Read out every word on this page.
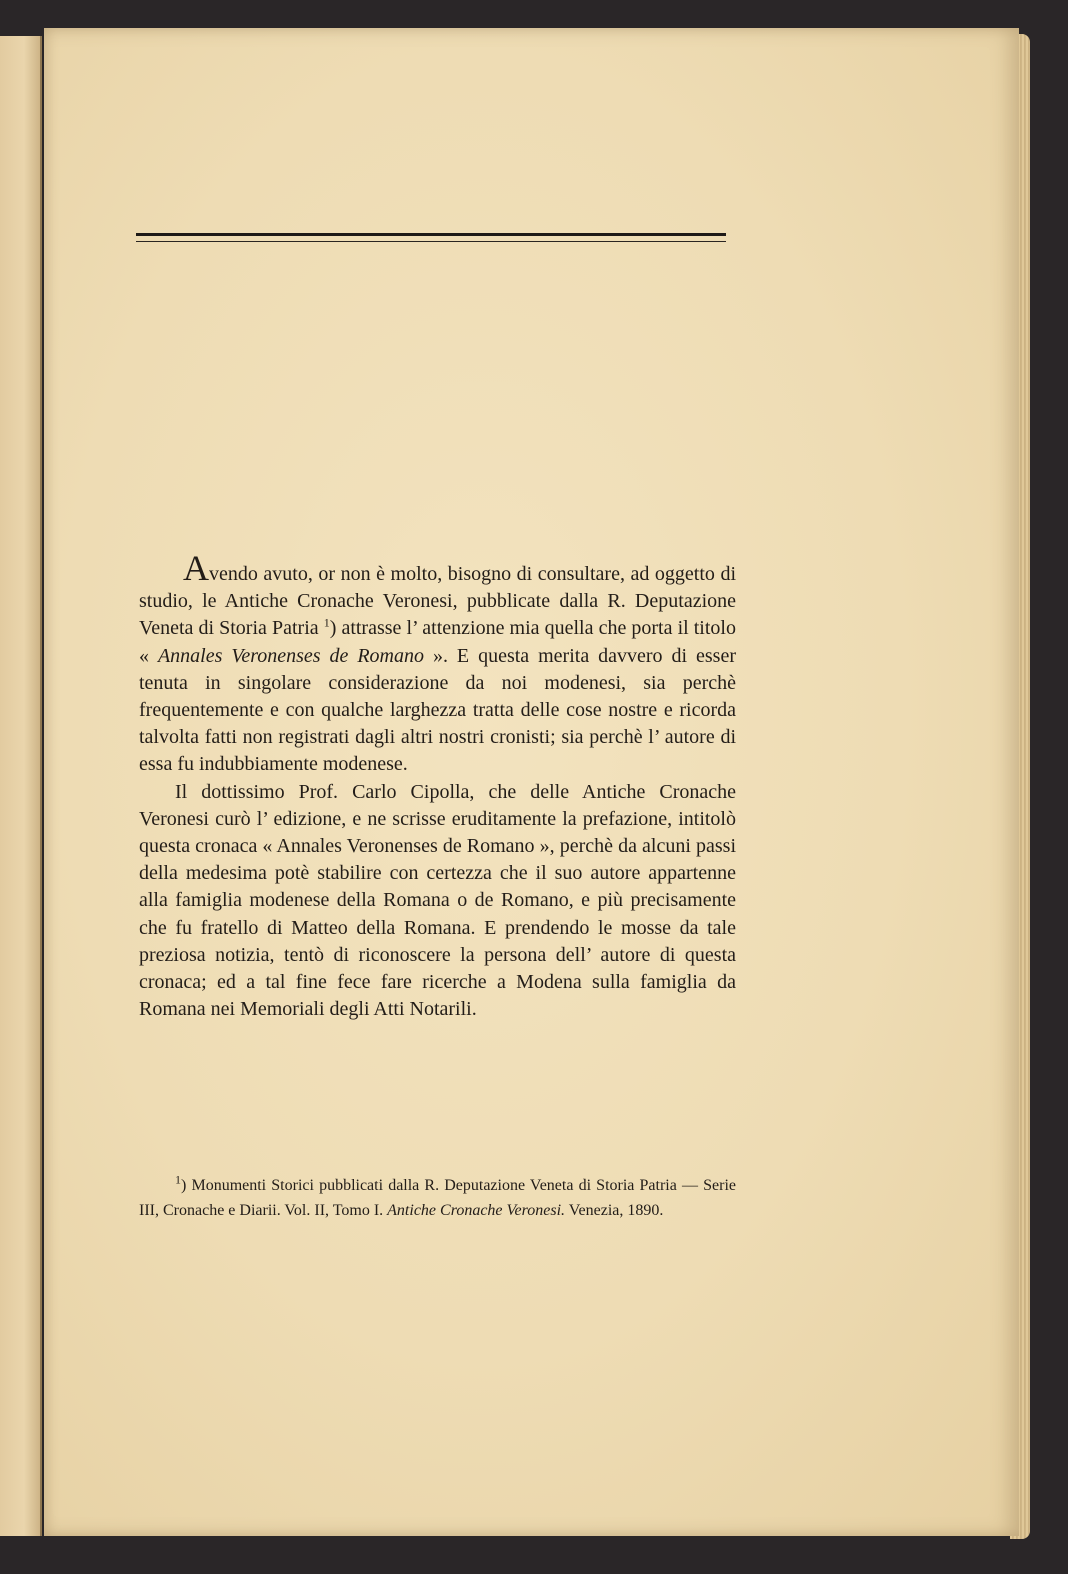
Avendo avuto, or non è molto, bisogno di consultare, ad oggetto di studio, le Antiche Cronache Veronesi, pubblicate dalla R. Deputazione Veneta di Storia Patria $^1$) attrasse l’ attenzione mia quella che porta il titolo « Annales Veronenses de Romano ». E questa merita davvero di esser tenuta in singolare considerazione da noi modenesi, sia perchè frequentemente e con qualche larghezza tratta delle cose nostre e ricorda talvolta fatti non registrati dagli altri nostri cronisti; sia perchè l’ autore di essa fu indubbiamente modenese.

Il dottissimo Prof. Carlo Cipolla, che delle Antiche Cronache Veronesi curò l’ edizione, e ne scrisse eruditamente la prefazione, intitolò questa cronaca « Annales Veronenses de Romano », perchè da alcuni passi della medesima potè stabilire con certezza che il suo autore appartenne alla famiglia modenese della Romana o de Romano, e più precisamente che fu fratello di Matteo della Romana. E prendendo le mosse da tale preziosa notizia, tentò di riconoscere la persona dell’ autore di questa cronaca; ed a tal fine fece fare ricerche a Modena sulla famiglia da Romana nei Memoriali degli Atti Notarili.

$^1$) Monumenti Storici pubblicati dalla R. Deputazione Veneta di Storia Patria — Serie III, Cronache e Diarii. Vol. II, Tomo I. Antiche Cronache Veronesi. Venezia, 1890.
